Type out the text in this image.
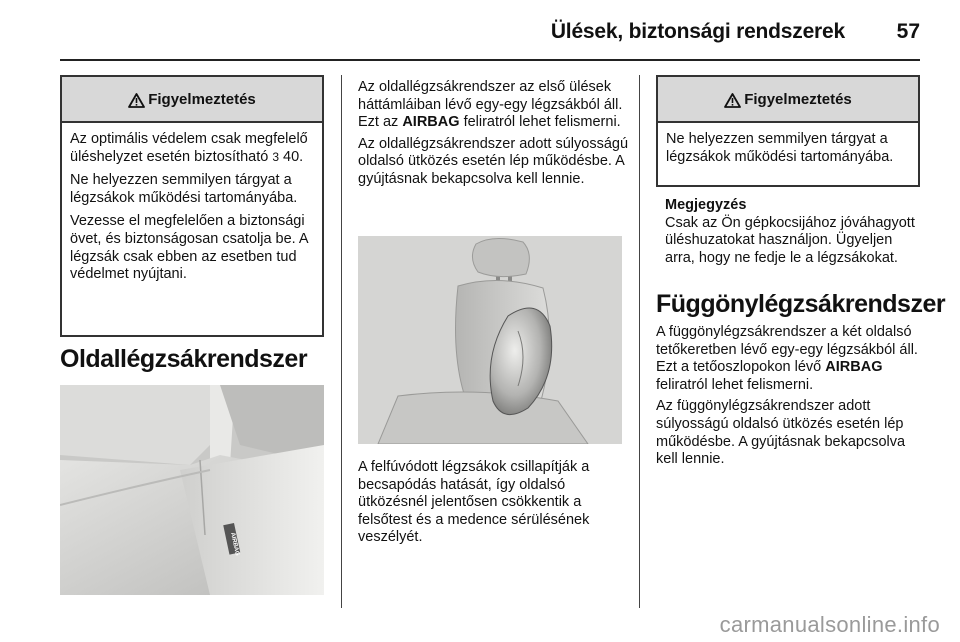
Ülések, biztonsági rendszerek 57
Figyelmeztetés

Az optimális védelem csak megfelelő üléshelyzet esetén biztosítható 3 40.

Ne helyezzen semmilyen tárgyat a légzsákok működési tartományába.

Vezesse el megfelelően a biztonsági övet, és biztonságosan csatolja be. A légzsák csak ebben az esetben tud védelmet nyújtani.

Oldallégzsákrendszer
AIRBAG

Az oldallégzsákrendszer az első ülések háttámláiban lévő egy-egy légzsákból áll. Ezt az AIRBAG feliratról lehet felismerni.

Az oldallégzsákrendszer adott súlyosságú oldalsó ütközés esetén lép működésbe. A gyújtásnak bekapcsolva kell lennie.

A felfúvódott légzsákok csillapítják a becsapódás hatását, így oldalsó ütközésnél jelentősen csökkentik a felsőtest és a medence sérülésének veszélyét.

Figyelmeztetés

Ne helyezzen semmilyen tárgyat a légzsákok működési tartományába.

Megjegyzés

Csak az Ön gépkocsijához jóváhagyott üléshuzatokat használjon. Ügyeljen arra, hogy ne fedje le a légzsákokat.

Függönylégzsákrendszer

A függönylégzsákrendszer a két oldalsó tetőkeretben lévő egy-egy légzsákból áll. Ezt a tetőoszlopokon lévő AIRBAG feliratról lehet felismerni.

Az függönylégzsákrendszer adott súlyosságú oldalsó ütközés esetén lép működésbe. A gyújtásnak bekapcsolva kell lennie.

carmanualsonline.info
